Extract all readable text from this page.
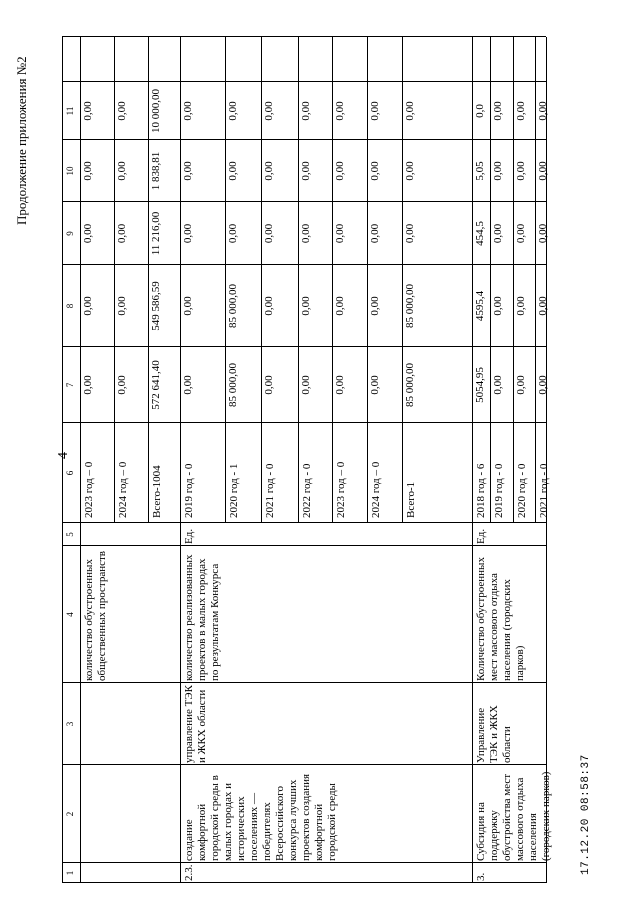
Продолжение приложения №2
4
17.12.20 08:58:37
1
2
3
4
5
6
7
8
9
10
11
количество обустроенных общественных пространств
2023 год – 0
0,00
0,00
0,00
0,00
0,00
2024 год – 0
0,00
0,00
0,00
0,00
0,00
Всего-1004
572 641,40
549 586,59
11 216,00
1 838,81
10 000,00
2.3.
создание комфортной городской среды в малых городах и исторических поселениях — победителях Всероссийского конкурса лучших проектов создания комфортной городской среды
управление ТЭК и ЖКХ области
количество реализованных проектов в малых городах по результатам Конкурса
Ед.
2019 год - 0
0,00
0,00
0,00
0,00
0,00
2020 год - 1
85 000,00
85 000,00
0,00
0,00
0,00
2021 год - 0
0,00
0,00
0,00
0,00
0,00
2022 год - 0
0,00
0,00
0,00
0,00
0,00
2023 год – 0
0,00
0,00
0,00
0,00
0,00
2024 год – 0
0,00
0,00
0,00
0,00
0,00
Всего-1
85 000,00
85 000,00
0,00
0,00
0,00
3.
Субсидия на поддержку обустройства мест массового отдыха населения (городских парков)
Управление ТЭК и ЖКХ области
Количество обустроенных мест массового отдыха населения (городских парков)
Ед.
2018 год - 6
5054,95
4595,4
454,5
5,05
0,0
2019 год - 0
0,00
0,00
0,00
0,00
0,00
2020 год - 0
0,00
0,00
0,00
0,00
0,00
2021 год - 0
0,00
0,00
0,00
0,00
0,00
